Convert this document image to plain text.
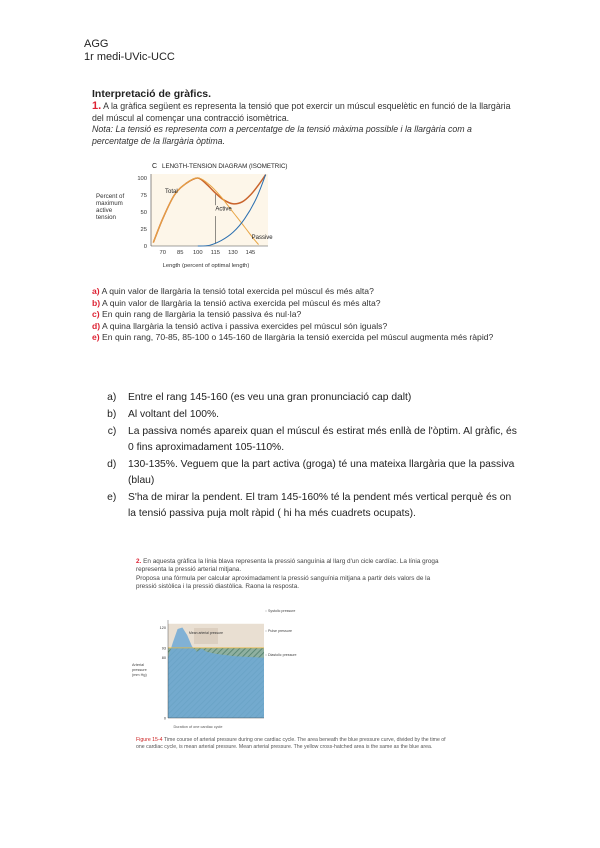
AGG
1r medi-UVic-UCC
Interpretació de gràfics.
1. A la gràfica següent es representa la tensió que pot exercir un múscul esquelètic en funció de la llargària del múscul al començar una contracció isomètrica.
Nota: La tensió es representa com a percentatge de la tensió màxima possible i la llargària com a percentatge de la llargària òptima.
C LENGTH-TENSION DIAGRAM (ISOMETRIC)
Percent of maximum active tension
0
25
50
75
100
70 85 100 115 130 145
Total
Active
Passive
Length (percent of optimal length)
a) A quin valor de llargària la tensió total exercida pel múscul és més alta?
b) A quin valor de llargària la tensió activa exercida pel múscul és més alta?
c) En quin rang de llargària la tensió passiva és nul·la?
d) A quina llargària la tensió activa i passiva exercides pel múscul són iguals?
e) En quin rang, 70-85, 85-100 o 145-160 de llargària la tensió exercida pel múscul augmenta més ràpid?
a. Entre el rang 145-160 (es veu una gran pronunciació cap dalt)
b. Al voltant del 100%.
c. La passiva només apareix quan el múscul és estirat més enllà de l'òptim. Al gràfic, és 0 fins aproximadament 105-110%.
d. 130-135%. Veguem que la part activa (groga) té una mateixa llargària que la passiva (blau)
e. S'ha de mirar la pendent. El tram 145-160% té la pendent més vertical perquè és on la tensió passiva puja molt ràpid ( hi ha més cuadrets ocupats).
2. En aquesta gràfica la línia blava representa la pressió sanguínia al llarg d'un cicle cardíac. La línia groga representa la pressió arterial mitjana.
Proposa una fórmula per calcular aproximadament la pressió sanguínia mitjana a partir dels valors de la pressió sistòlica i la pressió diastòlica. Raona la resposta.
Arterial pressure (mm Hg)
120
93
80
0
Systolic pressure
Pulse pressure
Diastolic pressure
Mean arterial pressure
Duration of one cardiac cycle
Figure 15-4 Time course of arterial pressure during one cardiac cycle. The area beneath the blue pressure curve, divided by the time of one cardiac cycle, is mean arterial pressure. Mean arterial pressure. The yellow cross-hatched area is the same as the blue area.
